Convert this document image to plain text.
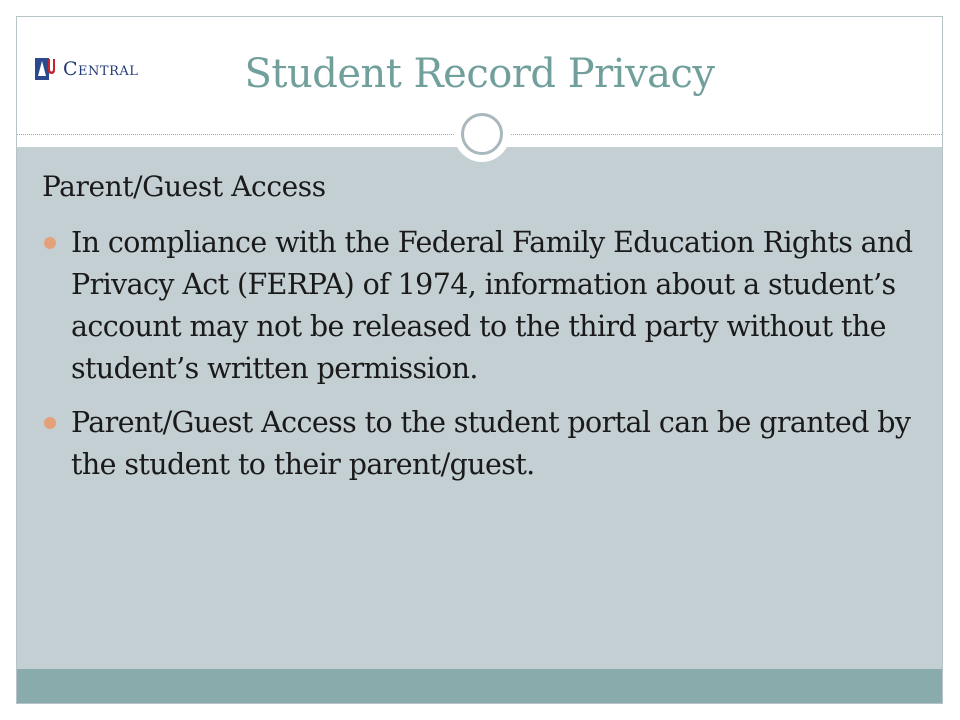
Central	Student Record Privacy
Parent/Guest Access
In compliance with the Federal Family Education Rights and Privacy Act (FERPA) of 1974, information about a student’s account may not be released to the third party without the student’s written permission.
Parent/Guest Access to the student portal can be granted by the student to their parent/guest.
